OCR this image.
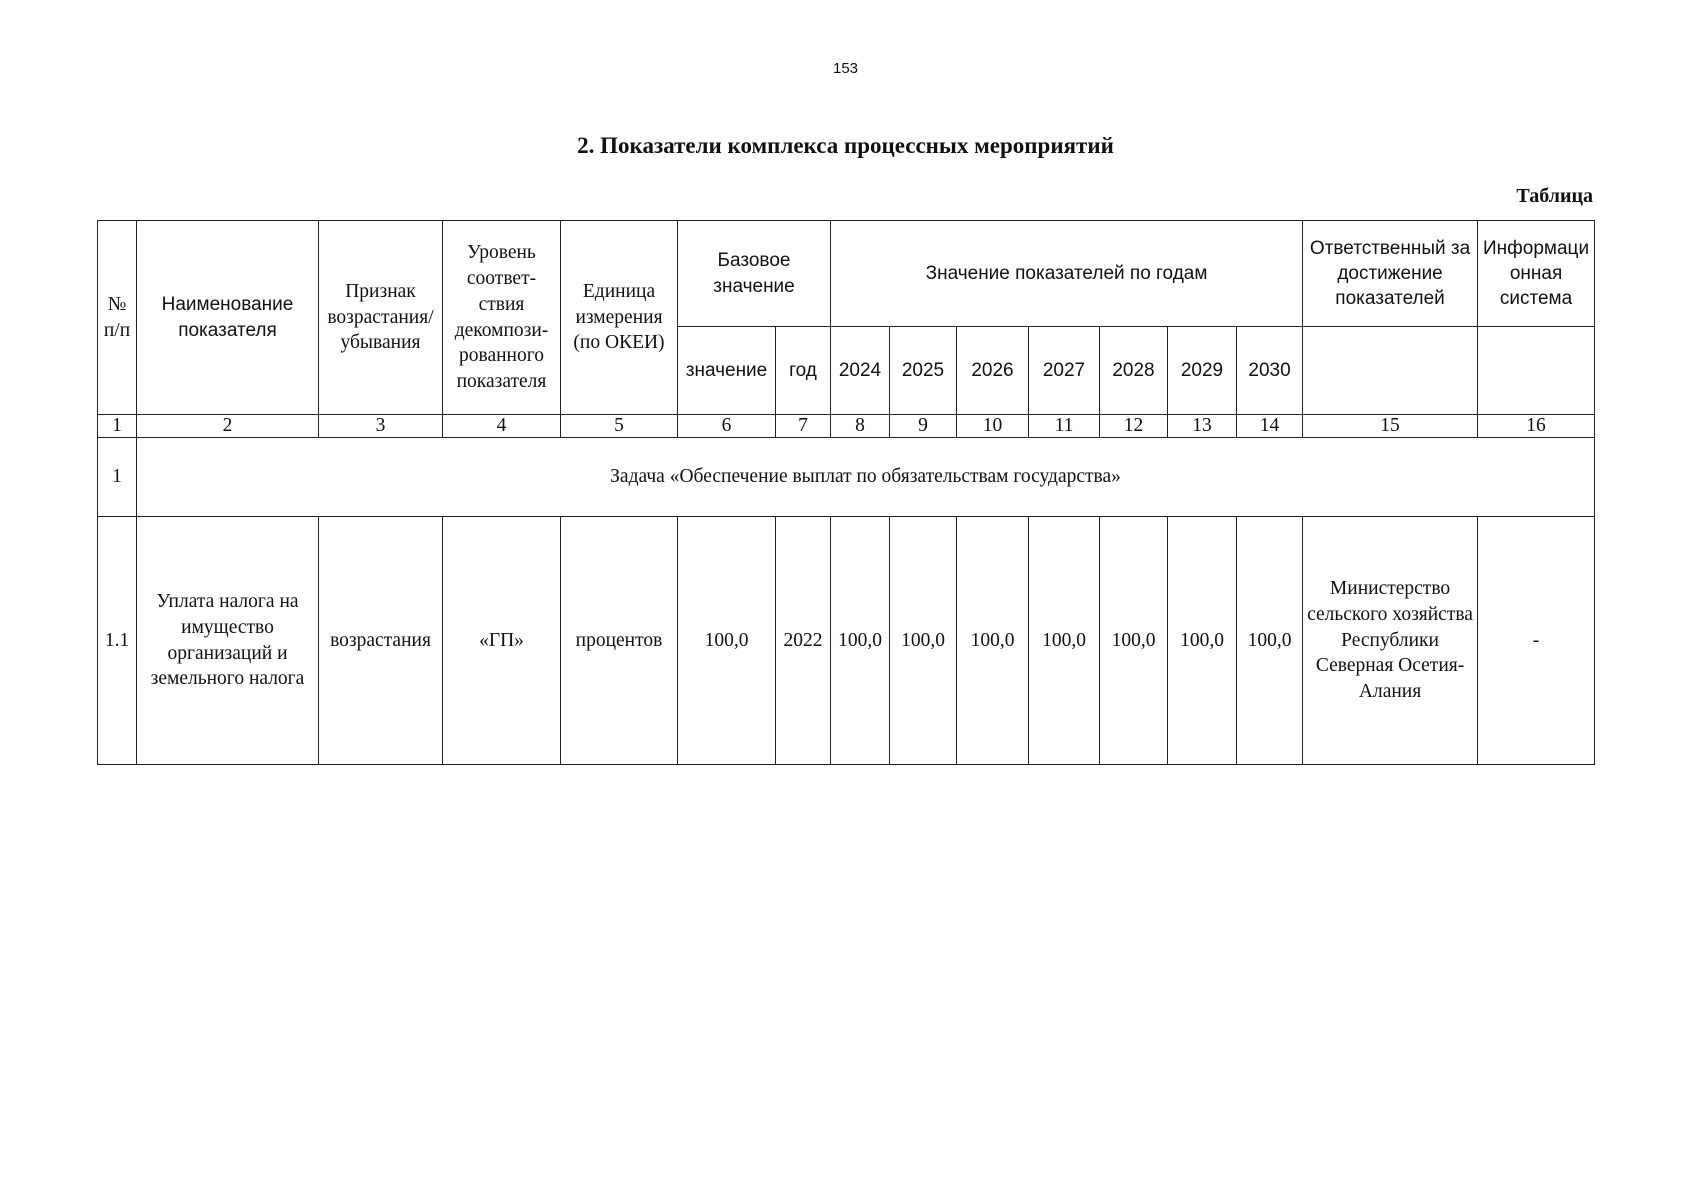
153
2. Показатели комплекса процессных мероприятий
Таблица
№ п/п	Наименование показателя	Признак возрастания/ убывания	Уровень соответ-ствия декомпози-рованного показателя	Единица измерения (по ОКЕИ)	Базовое значение		Значение показателей по годам							Ответственный за достижение показателей	Информаци онная система
					значение	год	2024	2025	2026	2027	2028	2029	2030		
1	2	3	4	5	6	7	8	9	10	11	12	13	14	15	16
1	Задача «Обеспечение выплат по обязательствам государства»														
1.1	Уплата налога на имущество организаций и земельного налога	возрастания	«ГП»	процентов	100,0	2022	100,0	100,0	100,0	100,0	100,0	100,0	100,0	Министерство сельского хозяйства Республики Северная Осетия-Алания	-
